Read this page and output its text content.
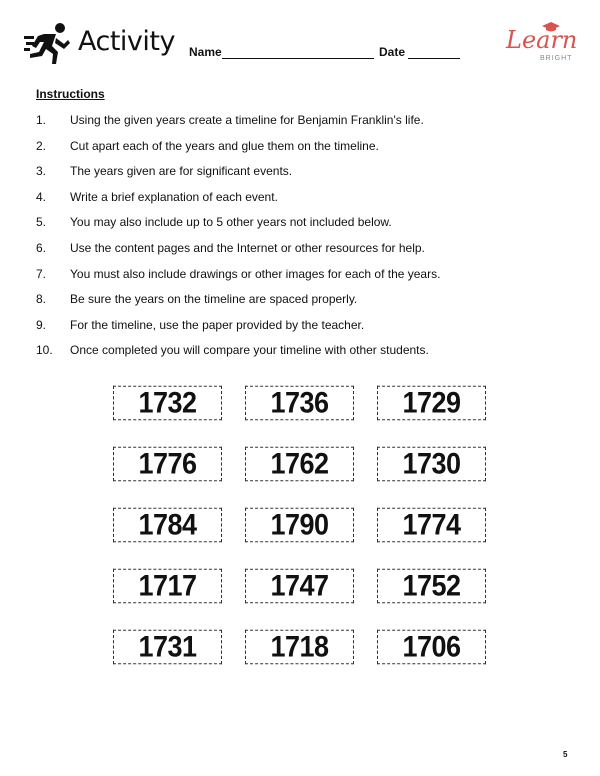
Activity Name	Date	Learn
BRIGHT
Instructions
1.	Using the given years create a timeline for Benjamin Franklin's life.
2.	Cut apart each of the years and glue them on the timeline.
3.	The years given are for significant events.
4.	Write a brief explanation of each event.
5.	You may also include up to 5 other years not included below.
6.	Use the content pages and the Internet or other resources for help.
7.	You must also include drawings or other images for each of the years.
8.	Be sure the years on the timeline are spaced properly.
9.	For the timeline, use the paper provided by the teacher.
10.	Once completed you will compare your timeline with other students.
1732	1736	1729
1776	1762	1730
1784	1790	1774
1717	1747	1752
1731	1718	1706
5
